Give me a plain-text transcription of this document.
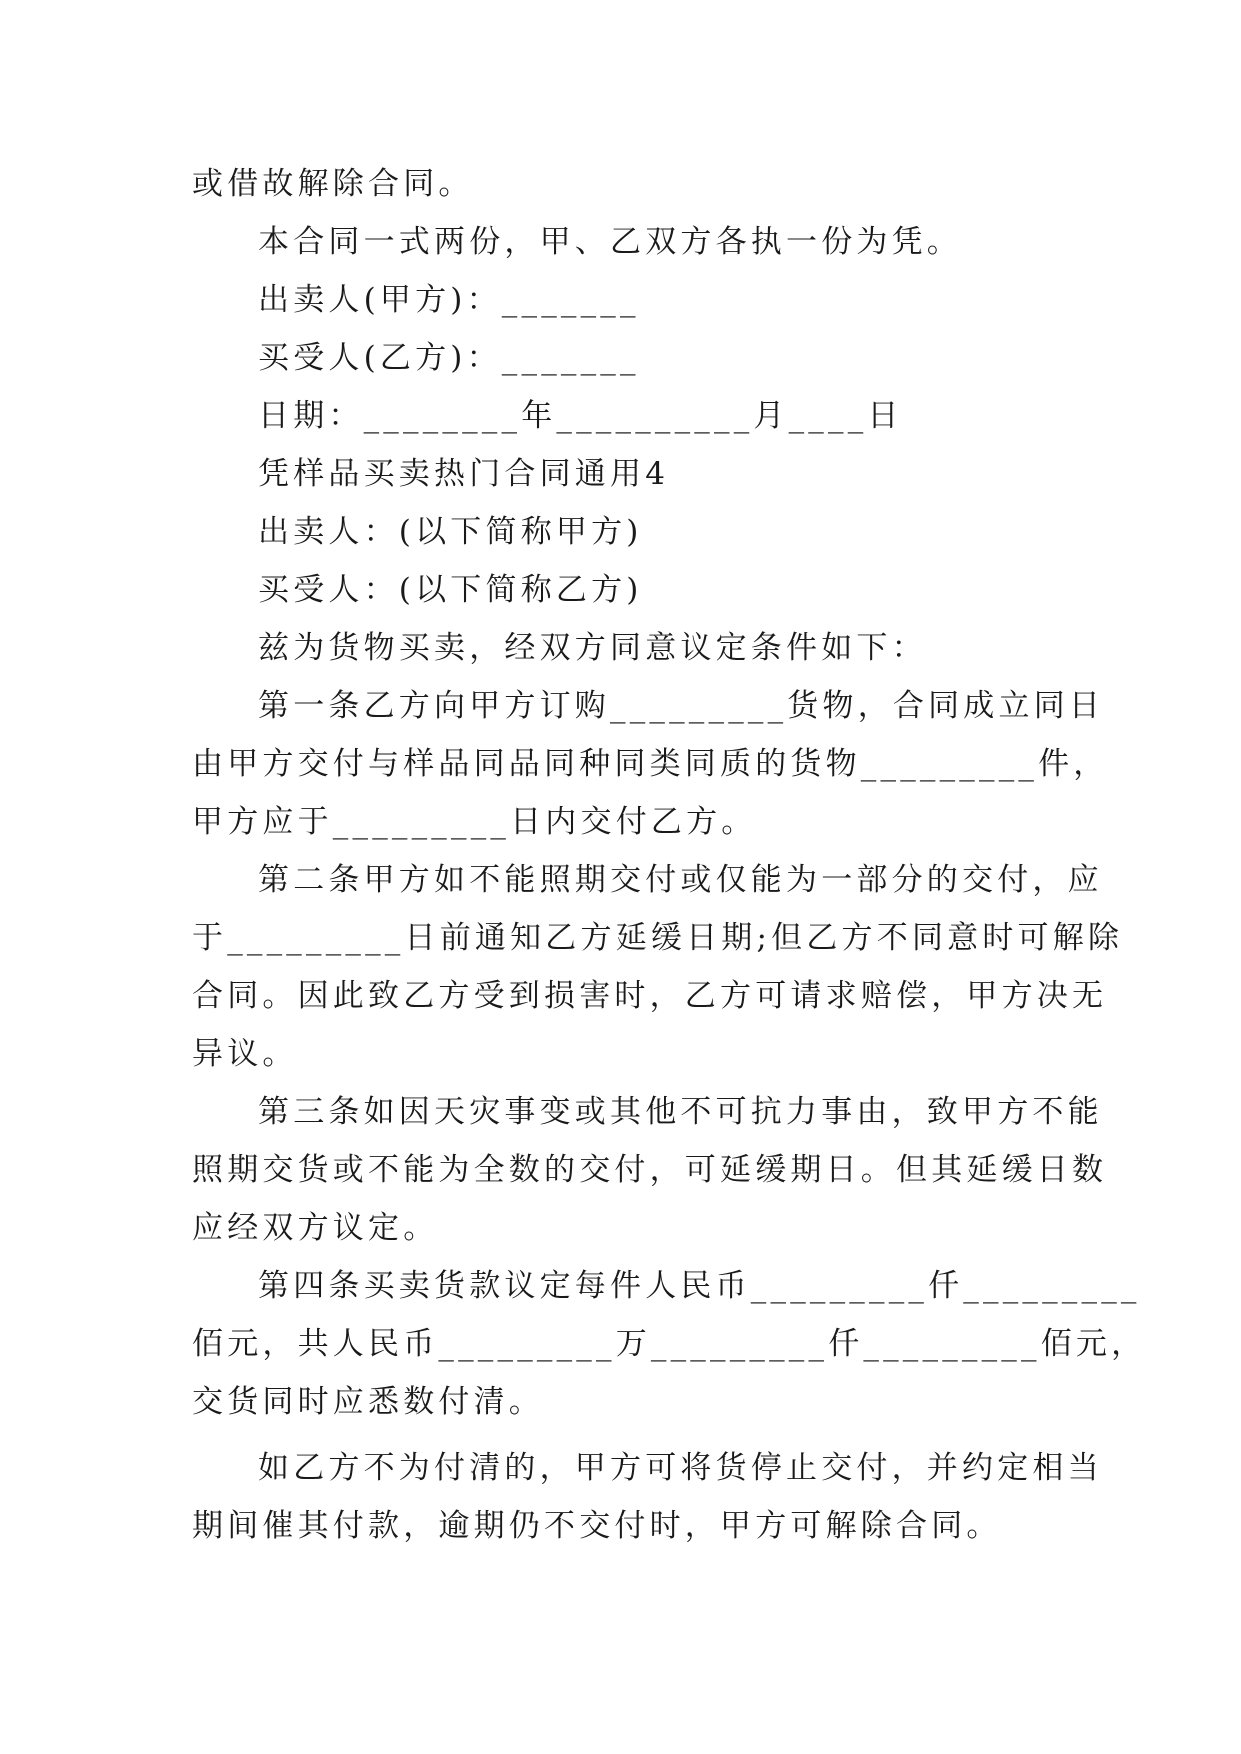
或借故解除合同。
本合同一式两份，甲、乙双方各执一份为凭。
出卖人(甲方)：_______
买受人(乙方)：_______
日期：________年__________月____日
凭样品买卖热门合同通用4
出卖人：(以下简称甲方)
买受人：(以下简称乙方)
兹为货物买卖，经双方同意议定条件如下：
第一条乙方向甲方订购_________货物，合同成立同日
由甲方交付与样品同品同种同类同质的货物_________件，
甲方应于_________日内交付乙方。
第二条甲方如不能照期交付或仅能为一部分的交付，应
于_________日前通知乙方延缓日期;但乙方不同意时可解除
合同。因此致乙方受到损害时，乙方可请求赔偿，甲方决无
异议。
第三条如因天灾事变或其他不可抗力事由，致甲方不能
照期交货或不能为全数的交付，可延缓期日。但其延缓日数
应经双方议定。
第四条买卖货款议定每件人民币_________仟_________
佰元，共人民币_________万_________仟_________佰元，
交货同时应悉数付清。
如乙方不为付清的，甲方可将货停止交付，并约定相当
期间催其付款，逾期仍不交付时，甲方可解除合同。
